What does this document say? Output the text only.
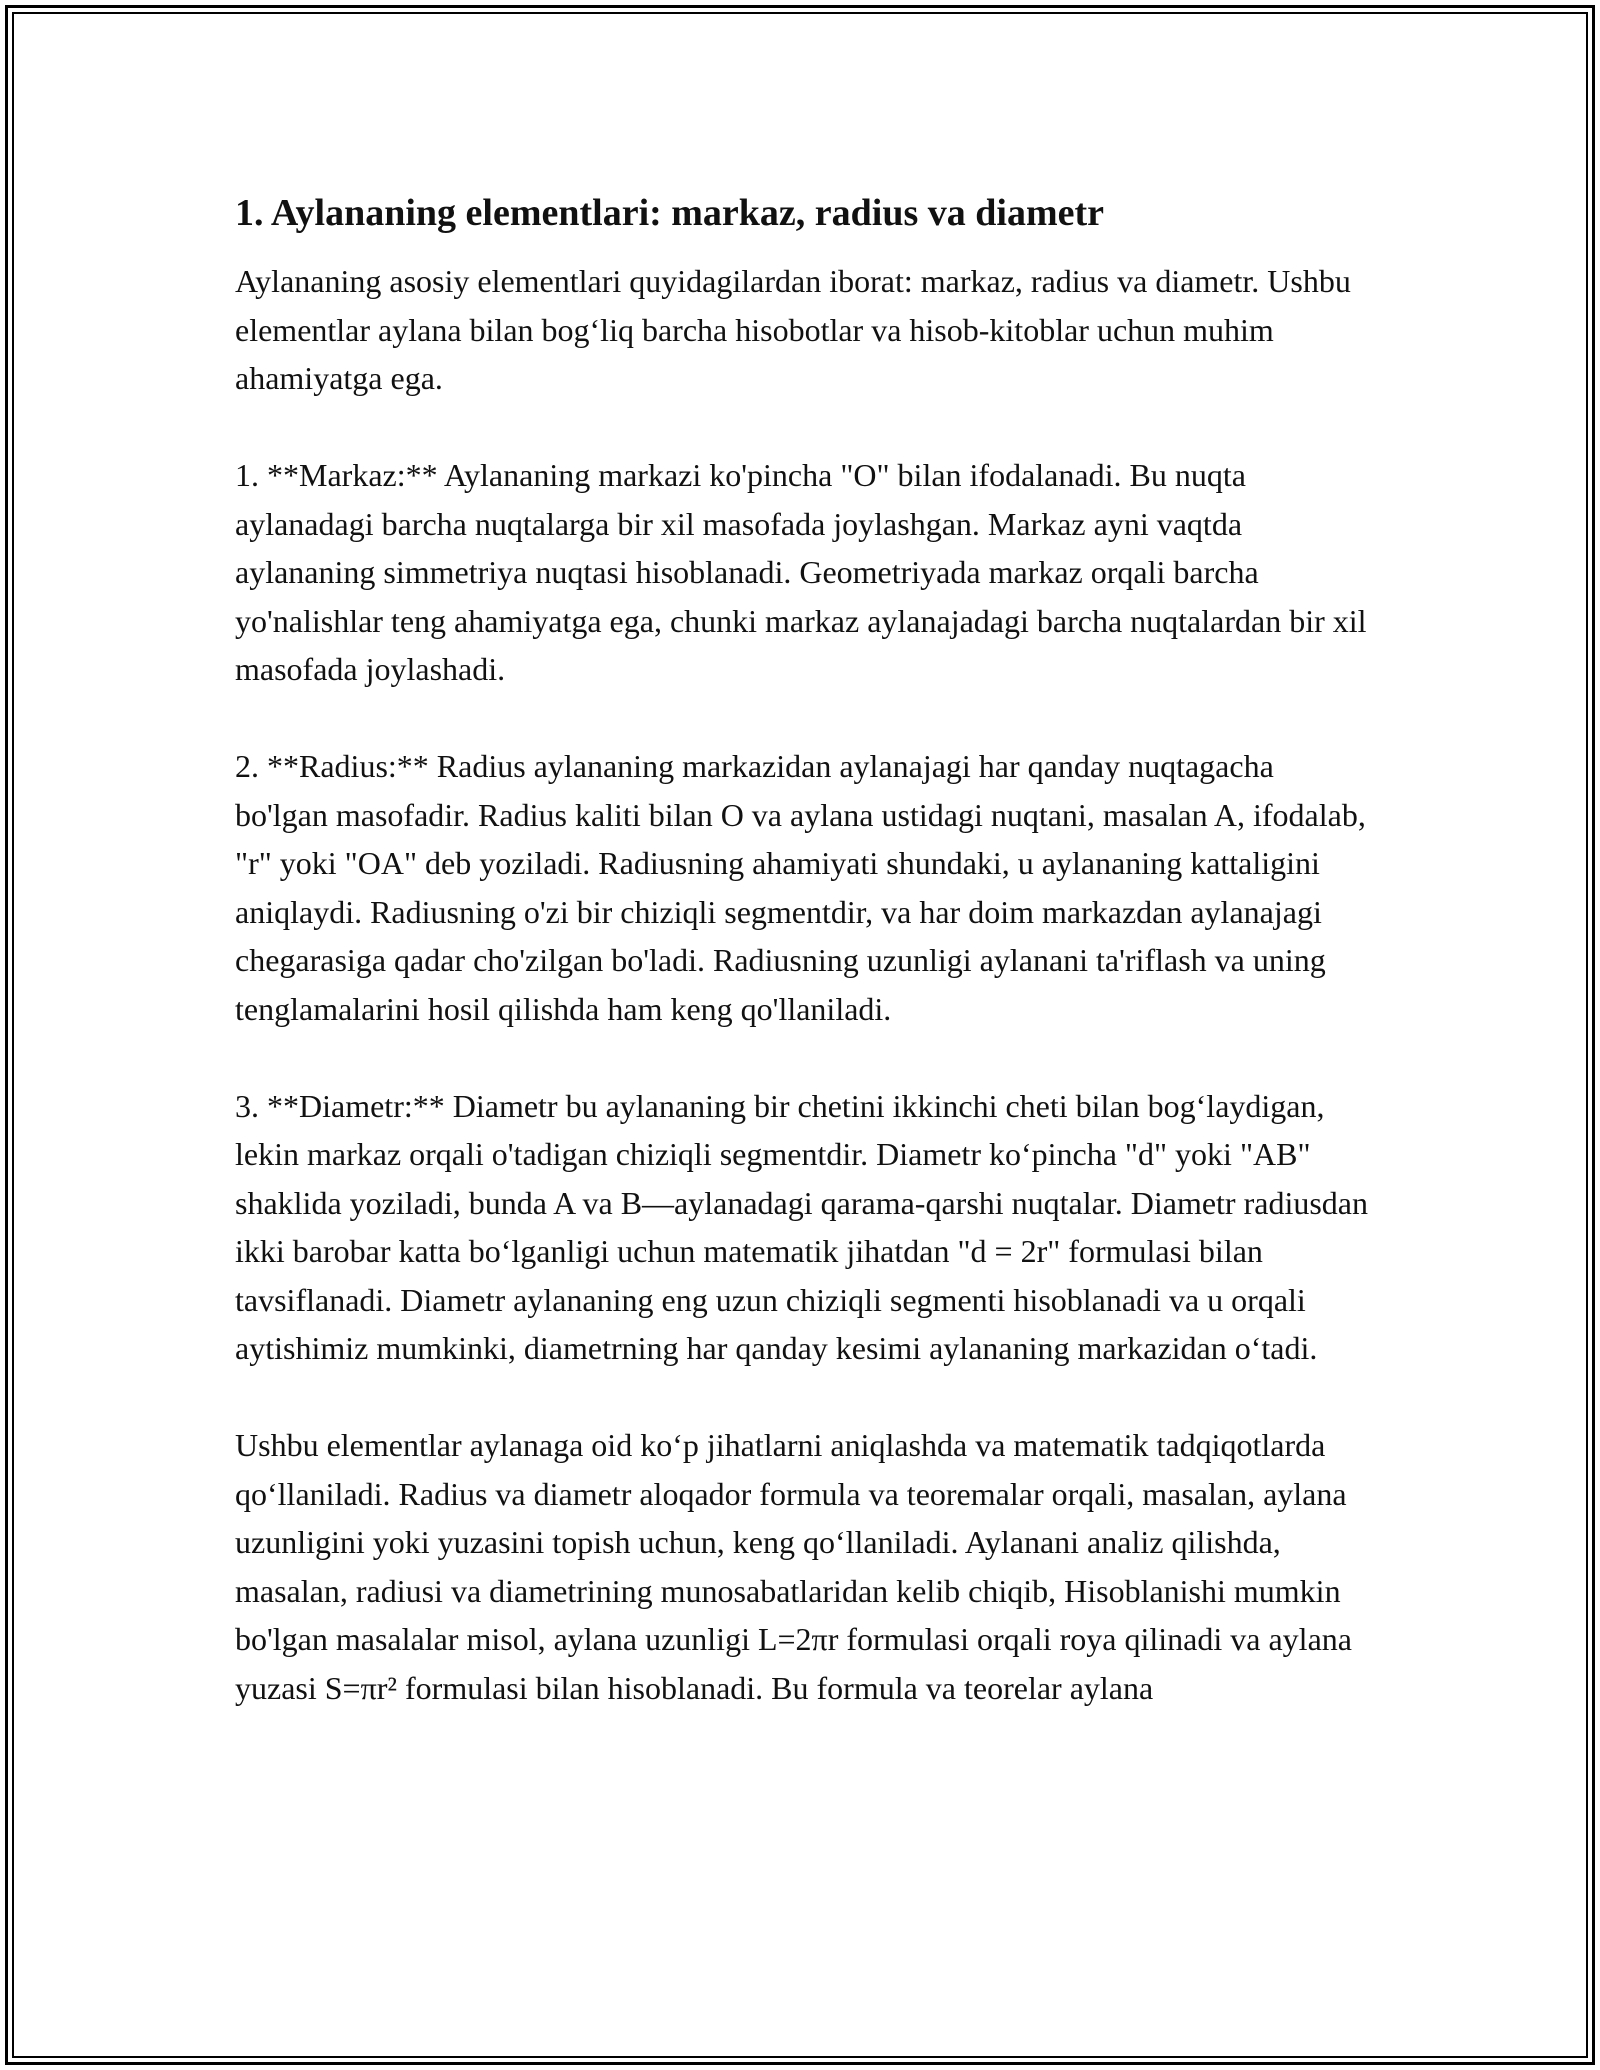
1. Aylananing elementlari: markaz, radius va diametr

Aylananing asosiy elementlari quyidagilardan iborat: markaz, radius va diametr. Ushbu elementlar aylana bilan bog‘liq barcha hisobotlar va hisob-kitoblar uchun muhim ahamiyatga ega.

1. **Markaz:** Aylananing markazi ko'pincha "O" bilan ifodalanadi. Bu nuqta aylanadagi barcha nuqtalarga bir xil masofada joylashgan. Markaz ayni vaqtda aylananing simmetriya nuqtasi hisoblanadi. Geometriyada markaz orqali barcha yo'nalishlar teng ahamiyatga ega, chunki markaz aylanajadagi barcha nuqtalardan bir xil masofada joylashadi.

2. **Radius:** Radius aylananing markazidan aylanajagi har qanday nuqtagacha bo'lgan masofadir. Radius kaliti bilan O va aylana ustidagi nuqtani, masalan A, ifodalab, "r" yoki "OA" deb yoziladi. Radiusning ahamiyati shundaki, u aylananing kattaligini aniqlaydi. Radiusning o'zi bir chiziqli segmentdir, va har doim markazdan aylanajagi chegarasiga qadar cho'zilgan bo'ladi. Radiusning uzunligi aylanani ta'riflash va uning tenglamalarini hosil qilishda ham keng qo'llaniladi.

3. **Diametr:** Diametr bu aylananing bir chetini ikkinchi cheti bilan bog‘laydigan, lekin markaz orqali o'tadigan chiziqli segmentdir. Diametr ko‘pincha "d" yoki "AB" shaklida yoziladi, bunda A va B—aylanadagi qarama-qarshi nuqtalar. Diametr radiusdan ikki barobar katta bo‘lganligi uchun matematik jihatdan "d = 2r" formulasi bilan tavsiflanadi. Diametr aylananing eng uzun chiziqli segmenti hisoblanadi va u orqali aytishimiz mumkinki, diametrning har qanday kesimi aylananing markazidan o‘tadi.

Ushbu elementlar aylanaga oid ko‘p jihatlarni aniqlashda va matematik tadqiqotlarda qo‘llaniladi. Radius va diametr aloqador formula va teoremalar orqali, masalan, aylana uzunligini yoki yuzasini topish uchun, keng qo‘llaniladi. Aylanani analiz qilishda, masalan, radiusi va diametrining munosabatlaridan kelib chiqib, Hisoblanishi mumkin bo'lgan masalalar misol, aylana uzunligi L=2πr formulasi orqali roya qilinadi va aylana yuzasi S=πr² formulasi bilan hisoblanadi. Bu formula va teorelar aylana
